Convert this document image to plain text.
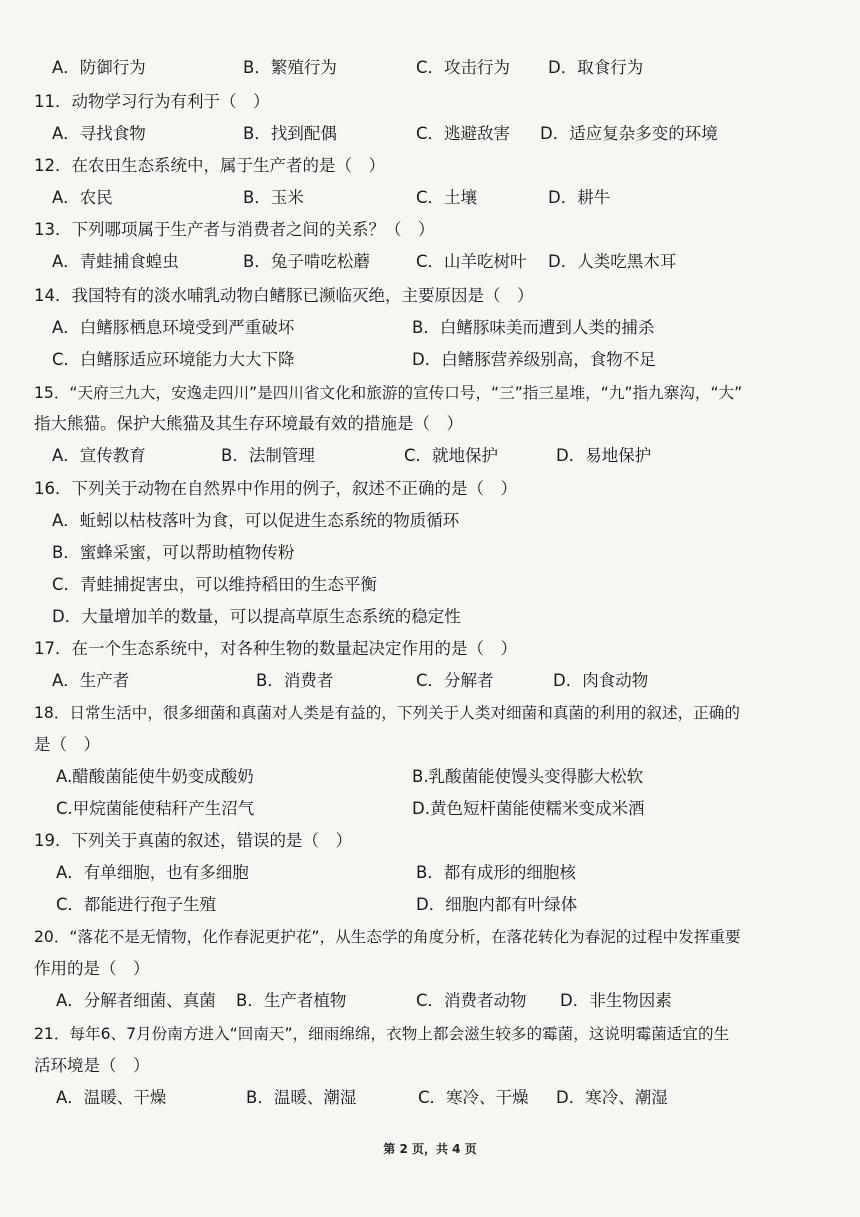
A．防御行为	B．繁殖行为	C．攻击行为 D．取食行为
11．动物学习行为有利于（　）
A．寻找食物	B．找到配偶	C．逃避敌害 D．适应复杂多变的环境
12．在农田生态系统中，属于生产者的是（　）
A．农民	B．玉米	C．土壤	D．耕牛
13．下列哪项属于生产者与消费者之间的关系？（　）
A．青蛙捕食蝗虫	B．兔子啃吃松蘑	C．山羊吃树叶 D．人类吃黑木耳
14．我国特有的淡水哺乳动物白鳍豚已濒临灭绝，主要原因是（　）
A．白鳍豚栖息环境受到严重破坏	B．白鳍豚味美而遭到人类的捕杀
C．白鳍豚适应环境能力大大下降	D．白鳍豚营养级别高，食物不足
15．“天府三九大，安逸走四川”是四川省文化和旅游的宣传口号，“三”指三星堆，“九”指九寨沟，“大”
指大熊猫。保护大熊猫及其生存环境最有效的措施是（　）
A．宣传教育	B．法制管理	C．就地保护	D．易地保护
16．下列关于动物在自然界中作用的例子，叙述不正确的是（　）
A．蚯蚓以枯枝落叶为食，可以促进生态系统的物质循环
B．蜜蜂采蜜，可以帮助植物传粉
C．青蛙捕捉害虫，可以维持稻田的生态平衡
D．大量增加羊的数量，可以提高草原生态系统的稳定性
17．在一个生态系统中，对各种生物的数量起决定作用的是（　）
A．生产者	B．消费者	C．分解者	D．肉食动物
18．日常生活中，很多细菌和真菌对人类是有益的，下列关于人类对细菌和真菌的利用的叙述，正确的
是（　）
A.醋酸菌能使牛奶变成酸奶	B.乳酸菌能使馒头变得膨大松软
C.甲烷菌能使秸秆产生沼气	D.黄色短杆菌能使糯米变成米酒
19．下列关于真菌的叙述，错误的是（　）
A．有单细胞，也有多细胞	B．都有成形的细胞核
C．都能进行孢子生殖	D．细胞内都有叶绿体
20．“落花不是无情物，化作春泥更护花”，从生态学的角度分析，在落花转化为春泥的过程中发挥重要
作用的是（　）
A．分解者细菌、真菌 B．生产者植物	C．消费者动物 D．非生物因素
21．每年6、7月份南方进入“回南天”，细雨绵绵，衣物上都会滋生较多的霉菌，这说明霉菌适宜的生
活环境是（　）
A．温暖、干燥	B．温暖、潮湿	C．寒冷、干燥 D．寒冷、潮湿
第 2 页，共 4 页
